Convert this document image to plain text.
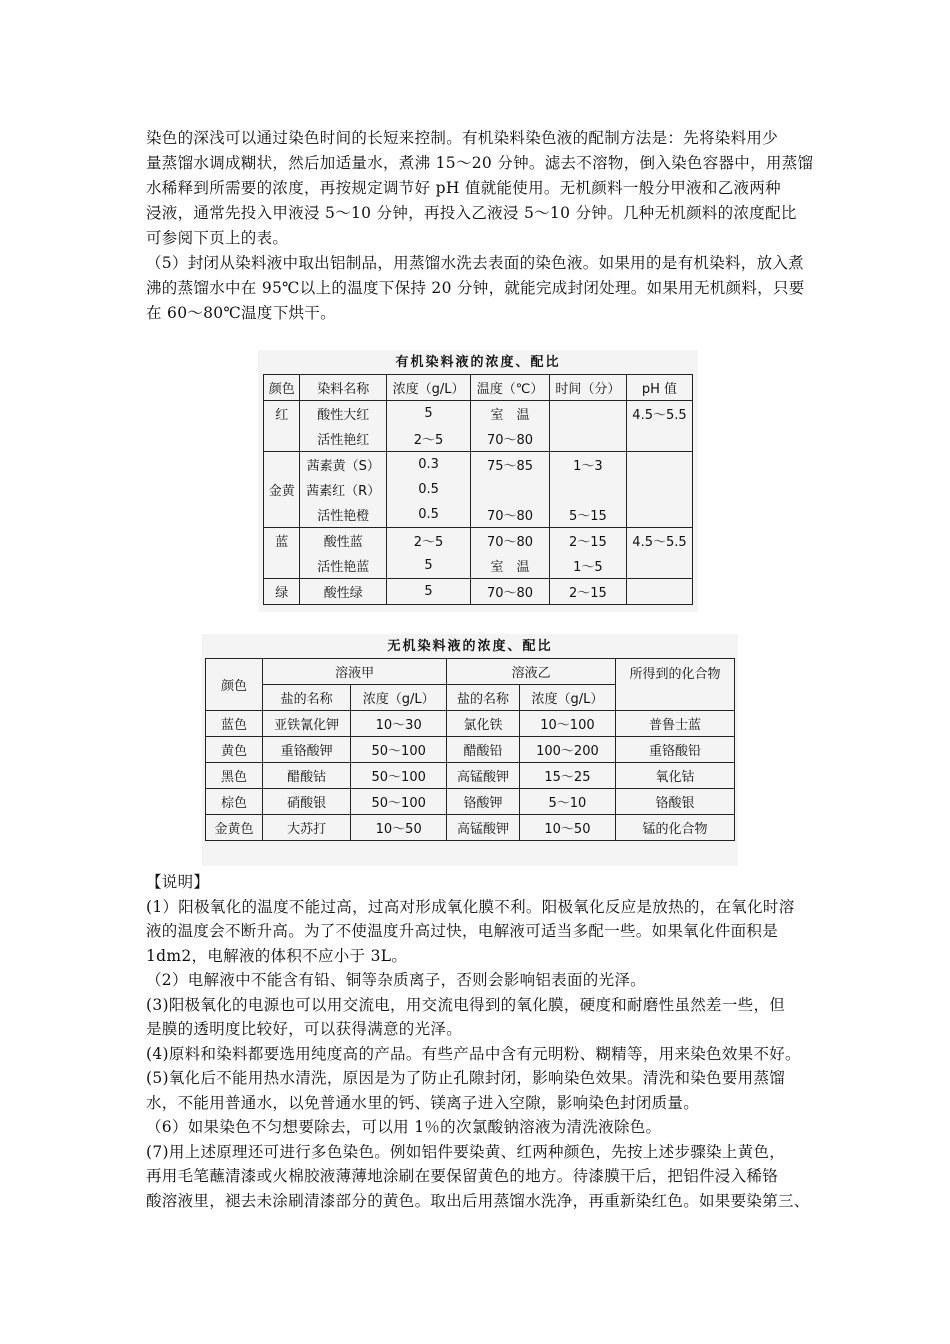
染色的深浅可以通过染色时间的长短来控制。有机染料染色液的配制方法是：先将染料用少

量蒸馏水调成糊状，然后加适量水，煮沸 15～20 分钟。滤去不溶物，倒入染色容器中，用蒸馏

水稀释到所需要的浓度，再按规定调节好 pH 值就能使用。无机颜料一般分甲液和乙液两种

浸液，通常先投入甲液浸 5～10 分钟，再投入乙液浸 5～10 分钟。几种无机颜料的浓度配比

可参阅下页上的表。

（5）封闭从染料液中取出铝制品，用蒸馏水洗去表面的染色液。如果用的是有机染料，放入煮

沸的蒸馏水中在 95℃以上的温度下保持 20 分钟，就能完成封闭处理。如果用无机颜料，只要

在 60～80℃温度下烘干。

有机染料液的浓度、配比
颜色	染料名称	浓度（g/L）	温度（℃）	时间（分）	pH 值
红	酸性大红	5	室　温		4.5～5.5
	活性艳红	2～5	70～80		
	茜素黄（S）	0.3	75～85	1～3	
金黄	茜素红（R）	0.5			
	活性艳橙	0.5	70～80	5～15	
蓝	酸性蓝	2～5	70～80	2～15	4.5～5.5
	活性艳蓝	5	室　温	1～5	
绿	酸性绿	5	70～80	2～15	
无机染料液的浓度、配比
颜色	溶液甲		溶液乙		所得到的化合物
	盐的名称	浓度（g/L）	盐的名称	浓度（g/L）	
蓝色	亚铁氰化钾	10～30	氯化铁	10～100	普鲁士蓝
黄色	重铬酸钾	50～100	醋酸铅	100～200	重铬酸铅
黑色	醋酸钴	50～100	高锰酸钾	15～25	氧化钴
棕色	硝酸银	50～100	铬酸钾	5～10	铬酸银
金黄色	大苏打	10～50	高锰酸钾	10～50	锰的化合物

【说明】

(1）阳极氧化的温度不能过高，过高对形成氧化膜不利。阳极氧化反应是放热的，在氧化时溶

液的温度会不断升高。为了不使温度升高过快，电解液可适当多配一些。如果氧化件面积是

1dm2，电解液的体积不应小于 3L。

（2）电解液中不能含有铅、铜等杂质离子，否则会影响铝表面的光泽。

(3)阳极氧化的电源也可以用交流电，用交流电得到的氧化膜，硬度和耐磨性虽然差一些，但

是膜的透明度比较好，可以获得满意的光泽。

(4)原料和染料都要选用纯度高的产品。有些产品中含有元明粉、糊精等，用来染色效果不好。

(5)氧化后不能用热水清洗，原因是为了防止孔隙封闭，影响染色效果。清洗和染色要用蒸馏

水，不能用普通水，以免普通水里的钙、镁离子进入空隙，影响染色封闭质量。

（6）如果染色不匀想要除去，可以用 1％的次氯酸钠溶液为清洗液除色。

(7)用上述原理还可进行多色染色。例如铝件要染黄、红两种颜色，先按上述步骤染上黄色，

再用毛笔蘸清漆或火棉胶液薄薄地涂刷在要保留黄色的地方。待漆膜干后，把铝件浸入稀铬

酸溶液里，褪去未涂刷清漆部分的黄色。取出后用蒸馏水洗净，再重新染红色。如果要染第三、
